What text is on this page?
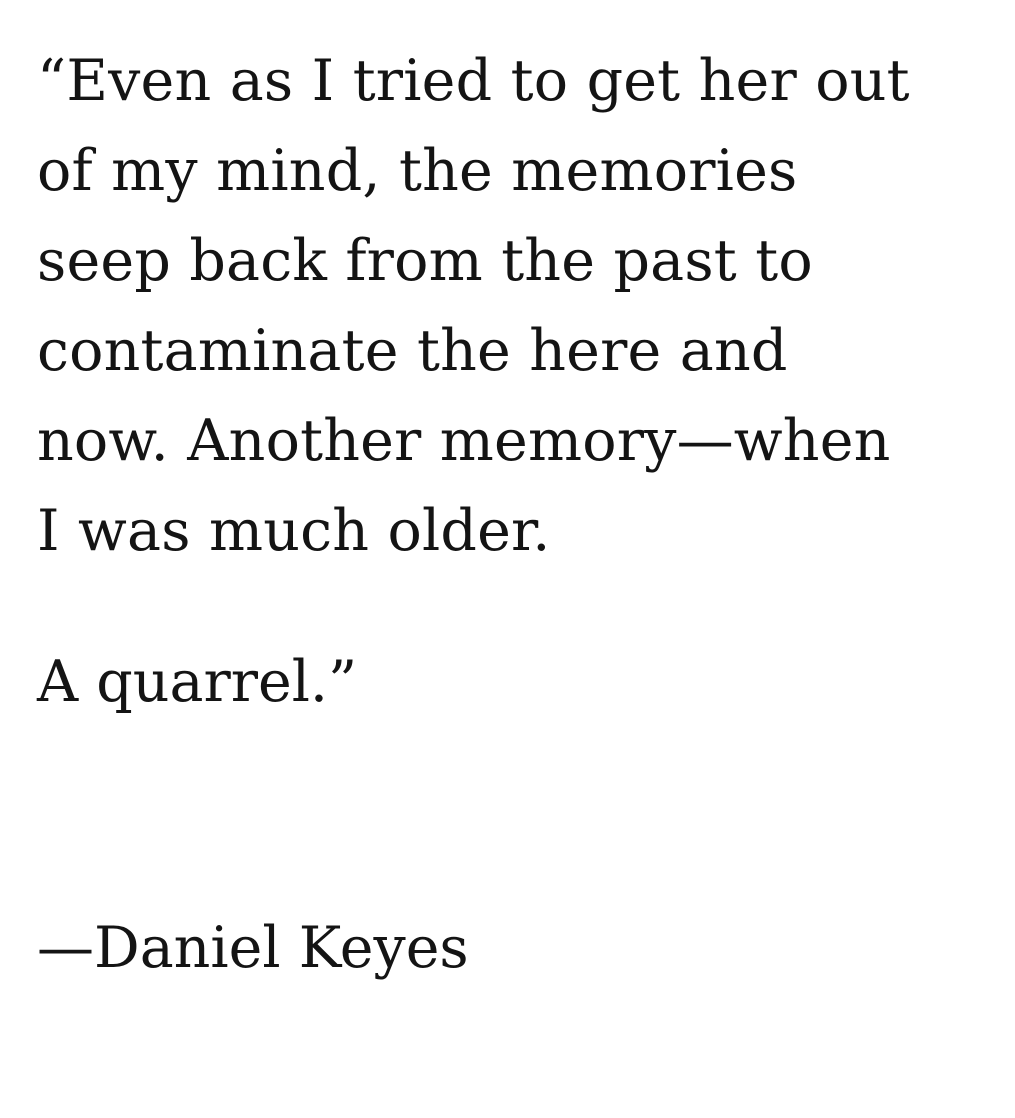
“Even as I tried to get her out
of my mind, the memories
seep back from the past to
contaminate the here and
now. Another memory—when
I was much older.

A quarrel.”

—Daniel Keyes
